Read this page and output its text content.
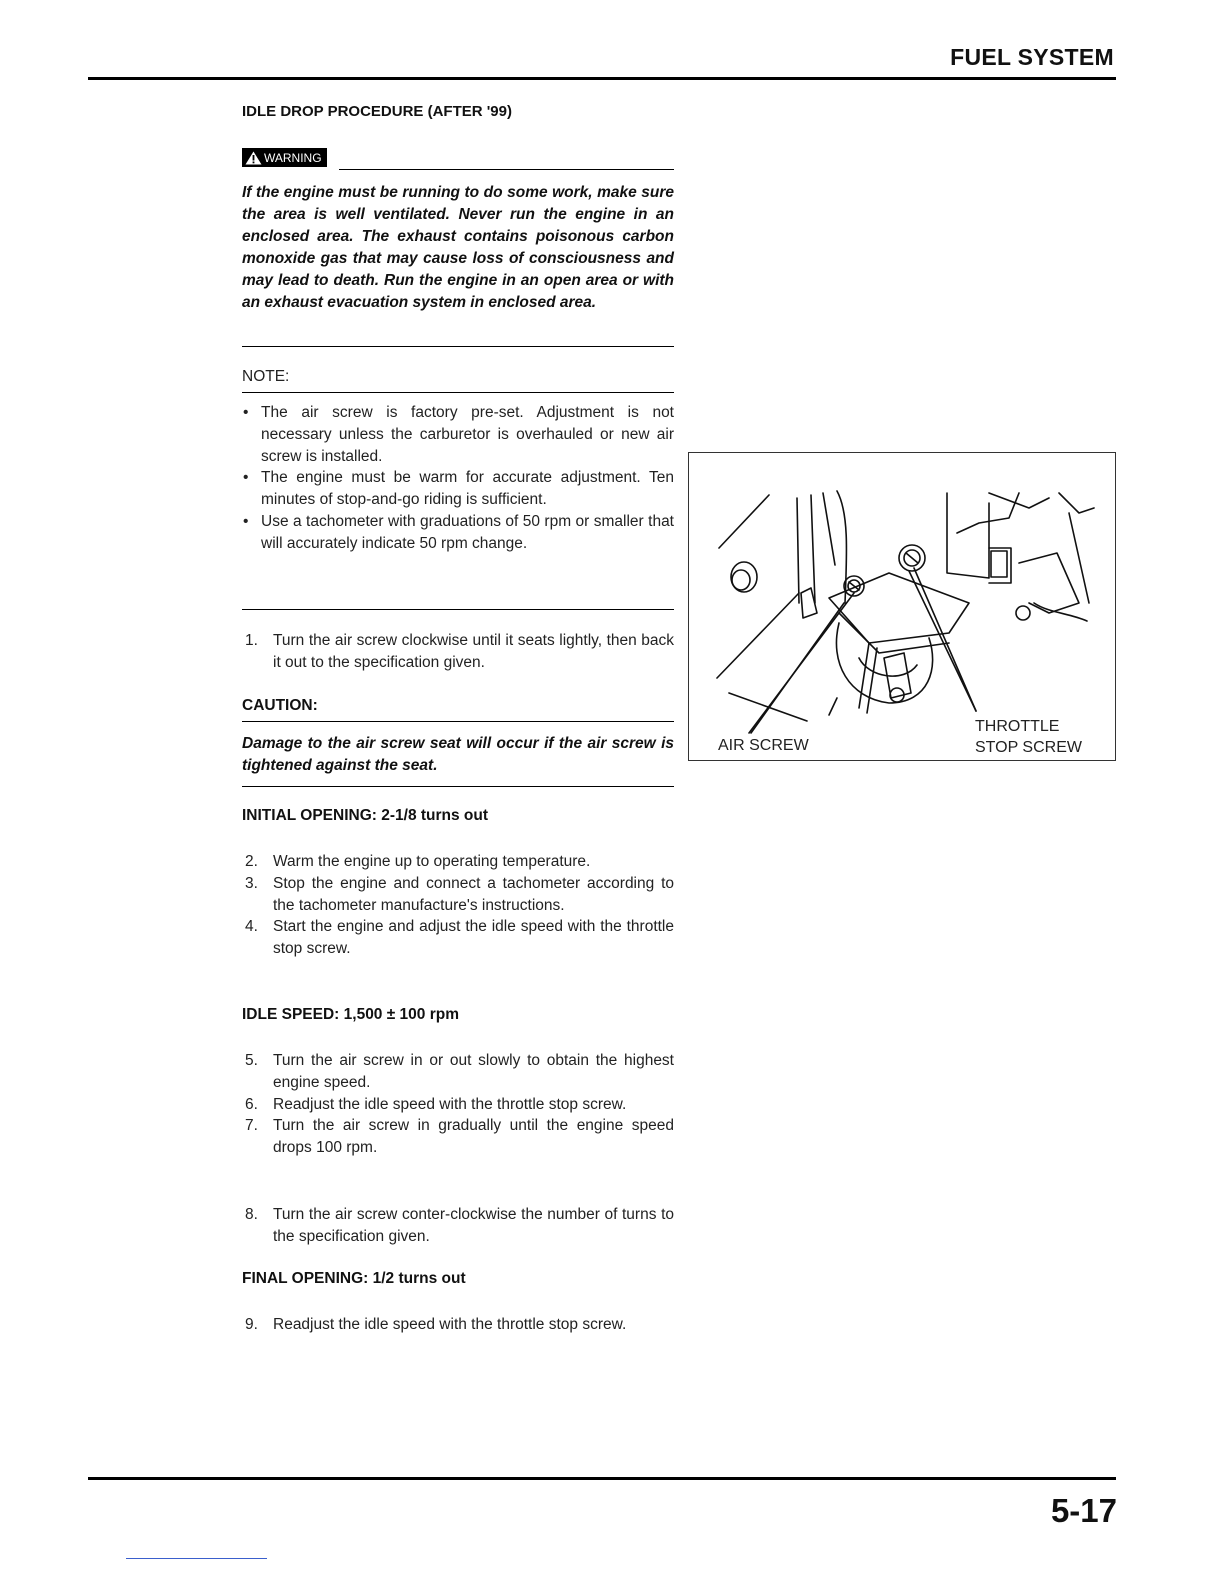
FUEL SYSTEM
IDLE DROP PROCEDURE (AFTER '99)
WARNING
If the engine must be running to do some work, make sure the area is well ventilated. Never run the engine in an enclosed area. The exhaust contains poisonous carbon monoxide gas that may cause loss of consciousness and may lead to death. Run the engine in an open area or with an exhaust evacuation system in enclosed area.
NOTE:
• The air screw is factory pre-set. Adjustment is not necessary unless the carburetor is overhauled or new air screw is installed.
• The engine must be warm for accurate adjustment. Ten minutes of stop-and-go riding is sufficient.
• Use a tachometer with graduations of 50 rpm or smaller that will accurately indicate 50 rpm change.
1. Turn the air screw clockwise until it seats lightly, then back it out to the specification given.
CAUTION:
Damage to the air screw seat will occur if the air screw is tightened against the seat.
INITIAL OPENING: 2-1/8 turns out
2. Warm the engine up to operating temperature.
3. Stop the engine and connect a tachometer according to the tachometer manufacture's instructions.
4. Start the engine and adjust the idle speed with the throttle stop screw.
IDLE SPEED: 1,500 ± 100 rpm
5. Turn the air screw in or out slowly to obtain the highest engine speed.
6. Readjust the idle speed with the throttle stop screw.
7. Turn the air screw in gradually until the engine speed drops 100 rpm.
8. Turn the air screw conter-clockwise the number of turns to the specification given.
FINAL OPENING: 1/2 turns out
9. Readjust the idle speed with the throttle stop screw.
AIR SCREW
THROTTLE
STOP SCREW
5-17
